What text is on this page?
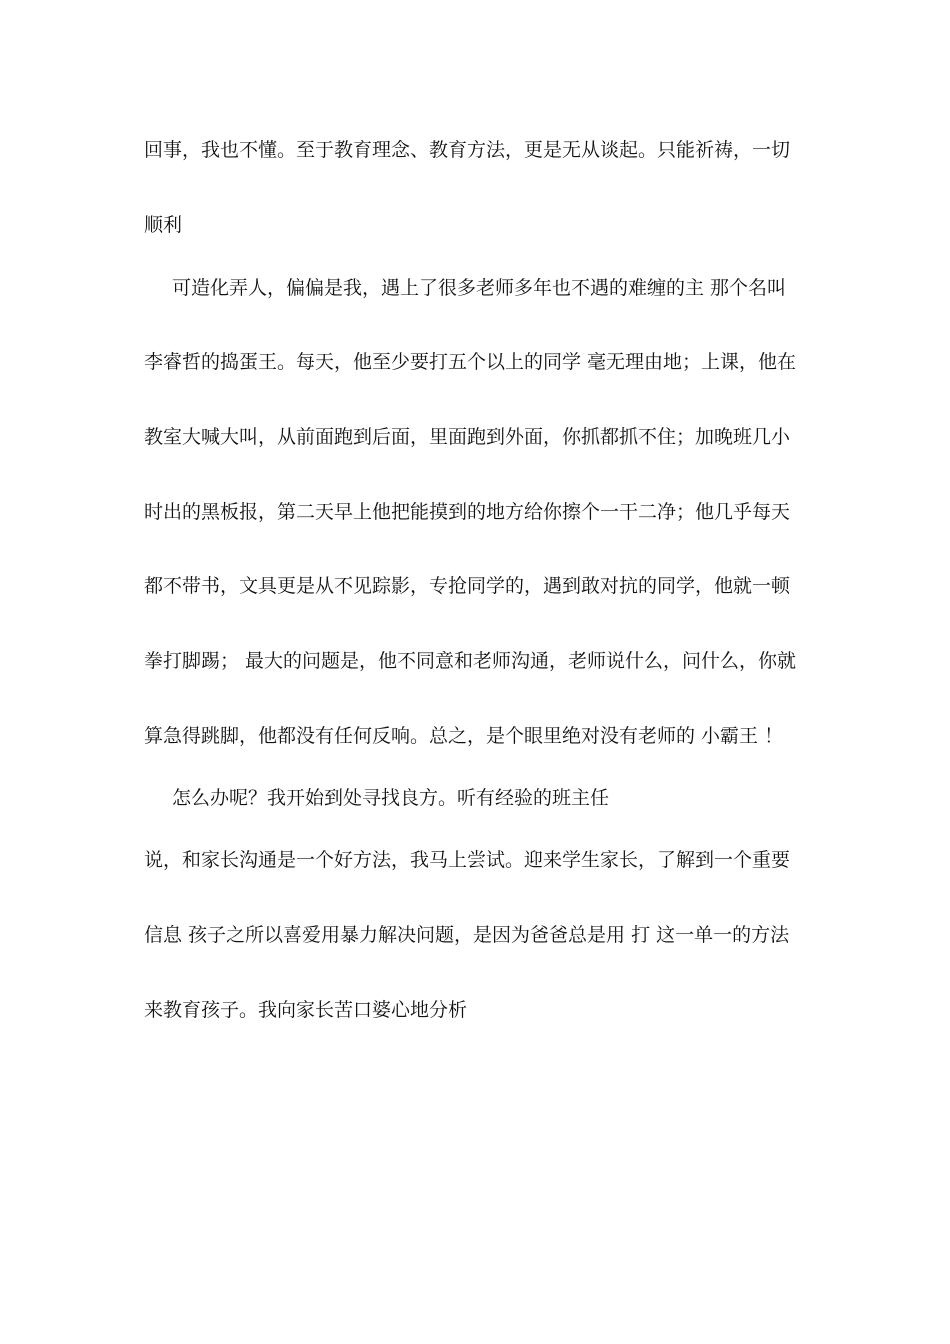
回事，我也不懂。至于教育理念、教育方法，更是无从谈起。只能祈祷，一切
顺利
可造化弄人，偏偏是我，遇上了很多老师多年也不遇的难缠的主 那个名叫
李睿哲的捣蛋王。每天，他至少要打五个以上的同学 毫无理由地；上课，他在
教室大喊大叫，从前面跑到后面，里面跑到外面，你抓都抓不住；加晚班几小
时出的黑板报，第二天早上他把能摸到的地方给你擦个一干二净；他几乎每天
都不带书，文具更是从不见踪影，专抢同学的，遇到敢对抗的同学，他就一顿
拳打脚踢； 最大的问题是，他不同意和老师沟通，老师说什么，问什么，你就
算急得跳脚，他都没有任何反响。总之，是个眼里绝对没有老师的 小霸王 ！
怎么办呢？我开始到处寻找良方。听有经验的班主任
说，和家长沟通是一个好方法，我马上尝试。迎来学生家长，了解到一个重要
信息 孩子之所以喜爱用暴力解决问题，是因为爸爸总是用 打 这一单一的方法
来教育孩子。我向家长苦口婆心地分析
